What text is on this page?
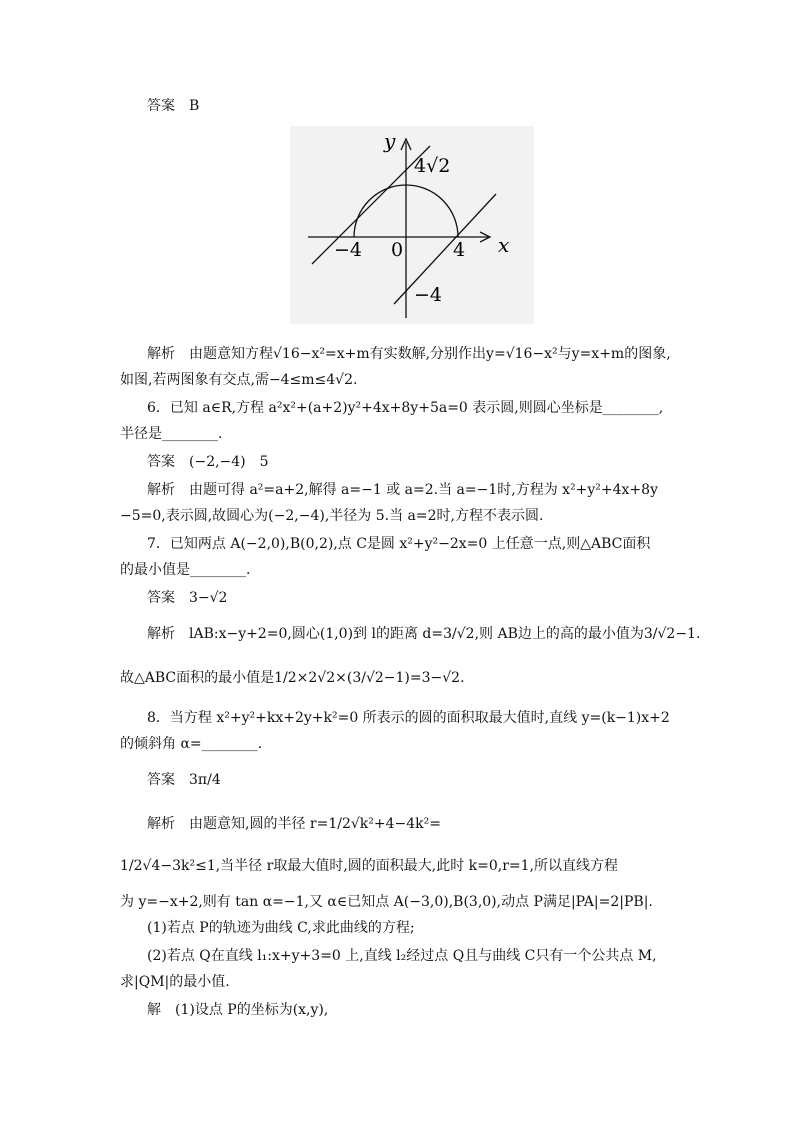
答案　B
y
x
4√2
−4 0	4
−4
解析　由题意知方程√16−x²=x+m有实数解,分别作出y=√16−x²与y=x+m的图象,
如图,若两图象有交点,需−4≤m≤4√2.
6．已知 a∈R,方程 a²x²+(a+2)y²+4x+8y+5a=0 表示圆,则圆心坐标是________,
半径是________.
答案　(−2,−4)　5
解析　由题可得 a²=a+2,解得 a=−1 或 a=2.当 a=−1时,方程为 x²+y²+4x+8y
−5=0,表示圆,故圆心为(−2,−4),半径为 5.当 a=2时,方程不表示圆.
7．已知两点 A(−2,0),B(0,2),点 C是圆 x²+y²−2x=0 上任意一点,则△ABC面积
的最小值是________.
答案　3−√2
解析　lAB:x−y+2=0,圆心(1,0)到 l的距离 d=3/√2,则 AB边上的高的最小值为3/√2−1.
故△ABC面积的最小值是1/2×2√2×(3/√2−1)=3−√2.
8．当方程 x²+y²+kx+2y+k²=0 所表示的圆的面积取最大值时,直线 y=(k−1)x+2
的倾斜角 α=________.
答案　3π/4
解析　由题意知,圆的半径 r=1/2√k²+4−4k²=
1/2√4−3k²≤1,当半径 r取最大值时,圆的面积最大,此时 k=0,r=1,所以直线方程
为 y=−x+2,则有 tan α=−1,又 α∈已知点 A(−3,0),B(3,0),动点 P满足|PA|=2|PB|.
(1)若点 P的轨迹为曲线 C,求此曲线的方程;
(2)若点 Q在直线 l₁:x+y+3=0 上,直线 l₂经过点 Q且与曲线 C只有一个公共点 M,
求|QM|的最小值.
解　(1)设点 P的坐标为(x,y),
